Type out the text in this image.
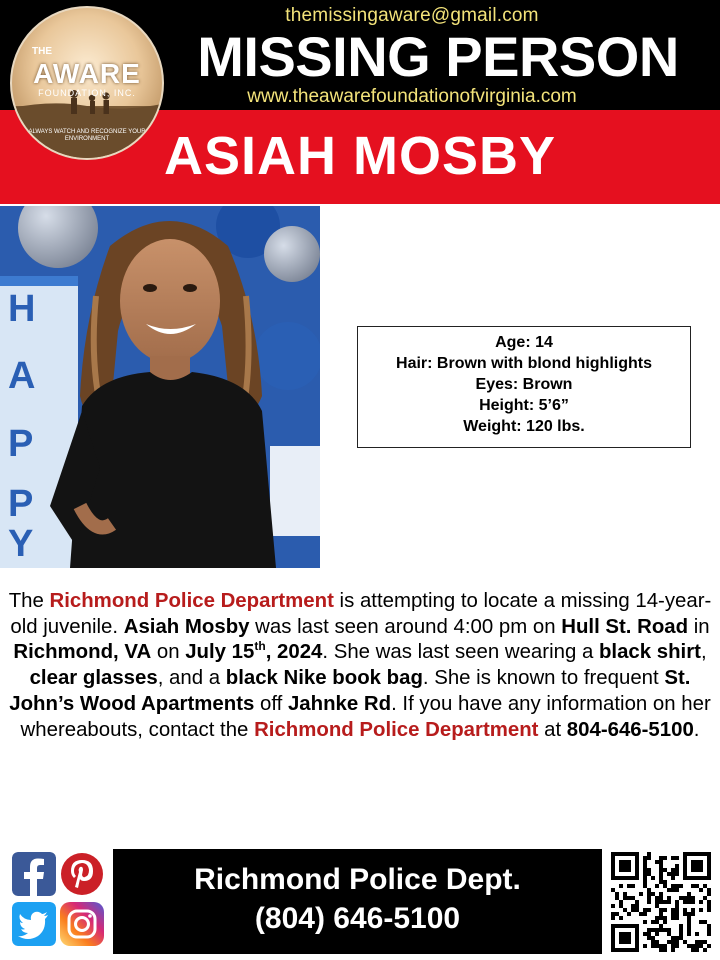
themissingaware@gmail.com
MISSING PERSON
www.theawarefoundationofvirginia.com
ASIAH MOSBY
THE
AWARE
FOUNDATION, INC.
ALWAYS WATCH AND RECOGNIZE YOUR ENVIRONMENT
H
A
P
P
Y
Age: 14
Hair: Brown with blond highlights
Eyes: Brown
Height: 5’6”
Weight: 120 lbs.
The Richmond Police Department is attempting to locate a missing 14-year-old juvenile. Asiah Mosby was last seen around 4:00 pm on Hull St. Road in Richmond, VA on July 15th, 2024. She was last seen wearing a black shirt, clear glasses, and a black Nike book bag. She is known to frequent St. John’s Wood Apartments off Jahnke Rd. If you have any information on her whereabouts, contact the Richmond Police Department at 804-646-5100.
Richmond Police Dept.
(804) 646-5100
